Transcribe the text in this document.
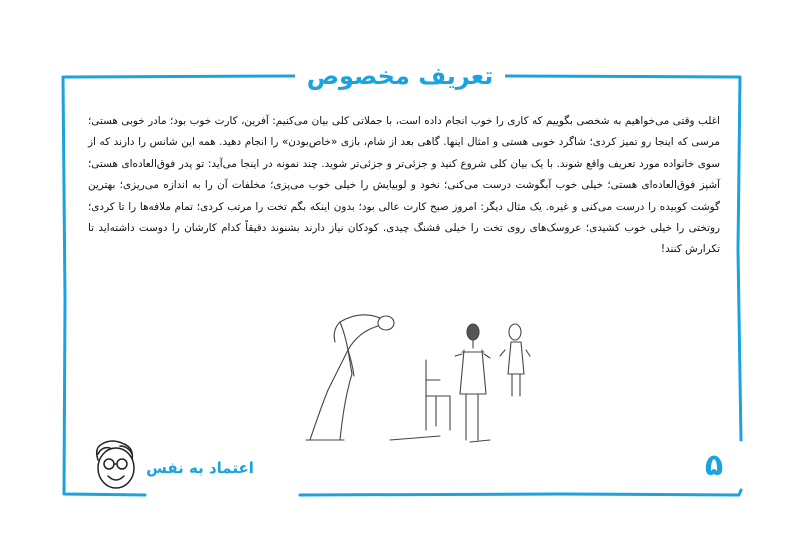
تعریف مخصوص
اغلب وقتی می‌خواهیم به شخصی بگوییم که کاری را خوب انجام داده است، با جملاتی کلی بیان می‌کنیم: آفرین، کارت خوب بود؛ مادر خوبی هستی؛ مرسی که اینجا رو تمیز کردی؛ شاگرد خوبی هستی و امثال اینها. گاهی بعد از شام، بازی «خاص‌بودن» را انجام دهید. همه این شانس را دارند که از سوی خانواده مورد تعریف واقع شوند. با یک بیان کلی شروع کنید و جزئی‌تر و جزئی‌تر شوید. چند نمونه در اینجا می‌آید: تو پدر فوق‌العاده‌ای هستی؛ آشپز فوق‌العاده‌ای هستی؛ خیلی خوب آبگوشت درست می‌کنی؛ نخود و لوبیایش را خیلی خوب می‌پزی؛ مخلفات آن را به اندازه می‌ریزی؛ بهترین گوشت کوبیده را درست می‌کنی و غیره. یک مثال دیگر: امروز صبح کارت عالی بود؛ بدون اینکه بگم تخت را مرتب کردی؛ تمام ملافه‌ها را تا کردی؛ روتختی را خیلی خوب کشیدی؛ عروسک‌های روی تخت را خیلی قشنگ چیدی. کودکان نیاز دارند بشنوند دقیقاً کدام کارشان را دوست داشته‌اید تا تکرارش کنند!
اعتماد به نفس	۵
